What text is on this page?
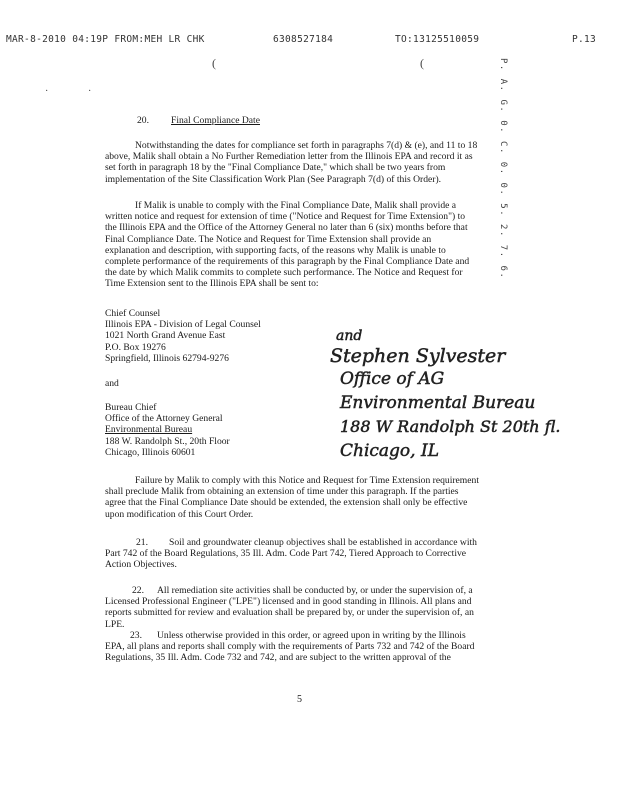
MAR-8-2010 04:19P FROM:MEH LR CHK	6308527184	TO:13125510059	P.13
(	(
·	·	P. A. G. 0. C. 0. 0. 5. 2. 7. 6.
20. Final Compliance Date
Notwithstanding the dates for compliance set forth in paragraphs 7(d) & (e), and 11 to 18
above, Malik shall obtain a No Further Remediation letter from the Illinois EPA and record it as
set forth in paragraph 18 by the "Final Compliance Date," which shall be two years from
implementation of the Site Classification Work Plan (See Paragraph 7(d) of this Order).
If Malik is unable to comply with the Final Compliance Date, Malik shall provide a
written notice and request for extension of time ("Notice and Request for Time Extension") to
the Illinois EPA and the Office of the Attorney General no later than 6 (six) months before that
Final Compliance Date. The Notice and Request for Time Extension shall provide an
explanation and description, with supporting facts, of the reasons why Malik is unable to
complete performance of the requirements of this paragraph by the Final Compliance Date and
the date by which Malik commits to complete such performance. The Notice and Request for
Time Extension sent to the Illinois EPA shall be sent to:
Chief Counsel
Illinois EPA - Division of Legal Counsel
1021 North Grand Avenue East
P.O. Box 19276
Springfield, Illinois 62794-9276
and
Bureau Chief
Office of the Attorney General
Environmental Bureau
188 W. Randolph St., 20th Floor
Chicago, Illinois 60601
and
Stephen Sylvester
Office of AG
Environmental Bureau
188 W Randolph St 20th fl.
Chicago, IL
Failure by Malik to comply with this Notice and Request for Time Extension requirement
shall preclude Malik from obtaining an extension of time under this paragraph. If the parties
agree that the Final Compliance Date should be extended, the extension shall only be effective
upon modification of this Court Order.
21.	Soil and groundwater cleanup objectives shall be established in accordance with
Part 742 of the Board Regulations, 35 Ill. Adm. Code Part 742, Tiered Approach to Corrective
Action Objectives.
22.	All remediation site activities shall be conducted by, or under the supervision of, a
Licensed Professional Engineer ("LPE") licensed and in good standing in Illinois. All plans and
reports submitted for review and evaluation shall be prepared by, or under the supervision of, an
LPE.
23.	Unless otherwise provided in this order, or agreed upon in writing by the Illinois
EPA, all plans and reports shall comply with the requirements of Parts 732 and 742 of the Board
Regulations, 35 Ill. Adm. Code 732 and 742, and are subject to the written approval of the
5
